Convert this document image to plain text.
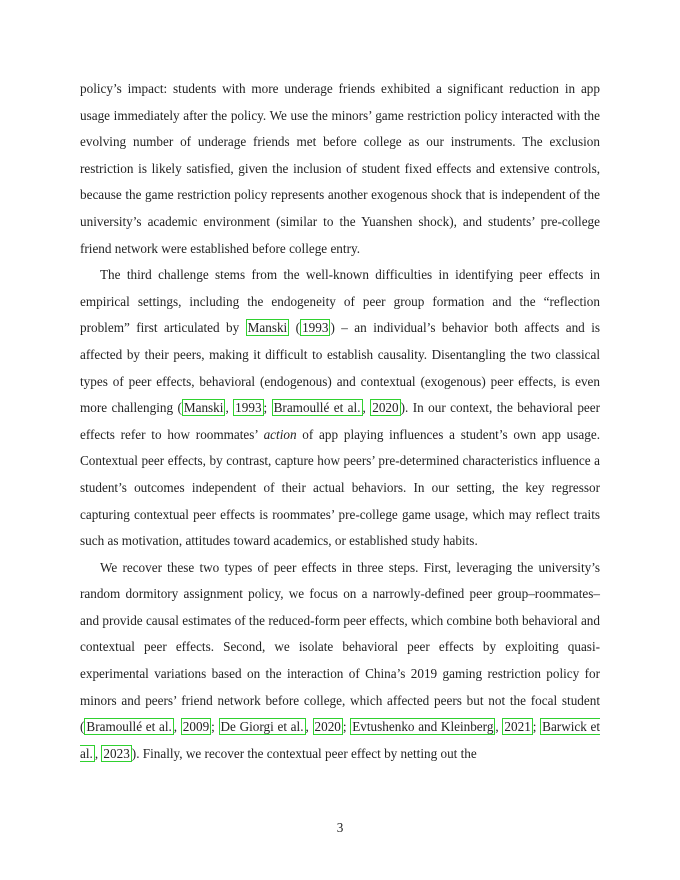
policy’s impact: students with more underage friends exhibited a significant reduction in app usage immediately after the policy. We use the minors’ game restriction policy interacted with the evolving number of underage friends met before college as our instruments. The exclusion restriction is likely satisfied, given the inclusion of student fixed effects and extensive controls, because the game restriction policy represents another exogenous shock that is independent of the university’s academic environment (similar to the Yuanshen shock), and students’ pre-college friend network were established before college entry.

The third challenge stems from the well-known difficulties in identifying peer effects in empirical settings, including the endogeneity of peer group formation and the “reflection problem” first articulated by Manski ( 1993 ) – an individual’s behavior both affects and is affected by their peers, making it difficult to establish causality. Disentangling the two classical types of peer effects, behavioral (endogenous) and contextual (exogenous) peer effects, is even more challenging ( Manski , 1993 ; Bramoullé et al. , 2020 ). In our context, the behavioral peer effects refer to how roommates’ action of app playing influences a student’s own app usage. Contextual peer effects, by contrast, capture how peers’ pre-determined characteristics influence a student’s outcomes independent of their actual behaviors. In our setting, the key regressor capturing contextual peer effects is roommates’ pre-college game usage, which may reflect traits such as motivation, attitudes toward academics, or established study habits.

We recover these two types of peer effects in three steps. First, leveraging the university’s random dormitory assignment policy, we focus on a narrowly-defined peer group–roommates– and provide causal estimates of the reduced-form peer effects, which combine both behavioral and contextual peer effects. Second, we isolate behavioral peer effects by exploiting quasi-experimental variations based on the interaction of China’s 2019 gaming restriction policy for minors and peers’ friend network before college, which affected peers but not the focal student ( Bramoullé et al. , 2009 ; De Giorgi et al. , 2020 ; Evtushenko and Kleinberg , 2021 ; Barwick et al. , 2023 ). Finally, we recover the contextual peer effect by netting out the

3
